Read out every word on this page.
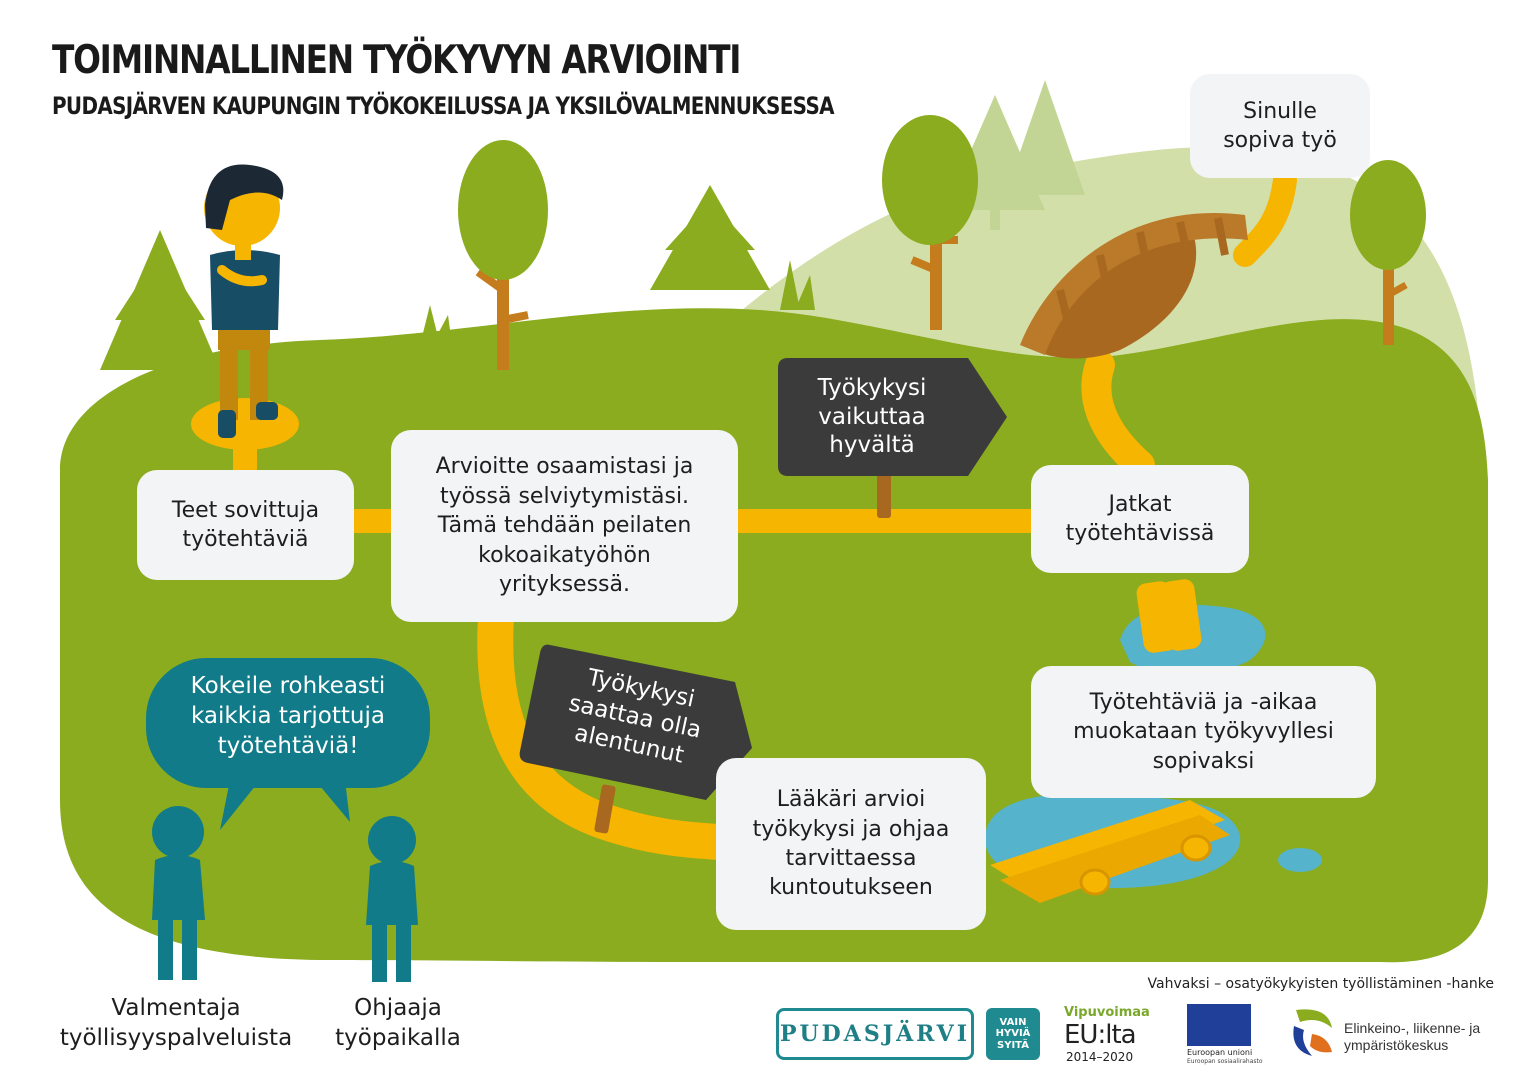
TOIMINNALLINEN TYÖKYVYN ARVIOINTI
PUDASJÄRVEN KAUPUNGIN TYÖKOKEILUSSA JA YKSILÖVALMENNUKSESSA
Teet sovittuja
työtehtäviä
Arvioitte osaamistasi ja
työssä selviytymistäsi.
Tämä tehdään peilaten
kokoaikatyöhön
yrityksessä.
Jatkat
työtehtävissä
Sinulle
sopiva työ
Työtehtäviä ja -aikaa
muokataan työkyvyllesi
sopivaksi
Lääkäri arvioi
työkykysi ja ohjaa
tarvittaessa
kuntoutukseen
Työkykysi
vaikuttaa
hyvältä
Työkykysi
saattaa olla
alentunut
Kokeile rohkeasti
kaikkia tarjottuja
työtehtäviä!
Valmentaja
työllisyyspalveluista
Ohjaaja
työpaikalla
Vahvaksi – osatyökykyisten työllistäminen -hanke
PUDASJÄRVI	VAIN
HYVIÄ
SYITÄ
Vipuvoimaa
EU:lta
2014–2020	Euroopan unioni
Euroopan sosiaalirahasto
Elinkeino-, liikenne- ja
ympäristökeskus
